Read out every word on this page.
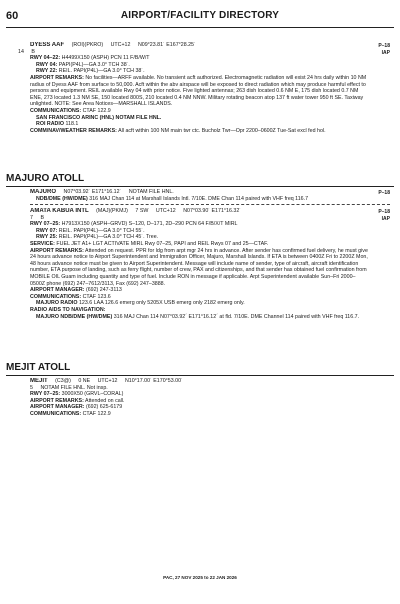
60	AIRPORT/FACILITY DIRECTORY
P–18
IAP
DYESS AAF (ROI)(PKRO) UTC+12 N09°23.81´ E167°28.25´
14 B
RWY 04–22: H4499X150 (ASPH) PCN 11 F/B/W/T
RWY 04: PAPI(P4L)—GA 3.0° TCH 38´.
RWY 22: REIL. PAPI(P4L)—GA 3.0° TCH 38´.
AIRPORT REMARKS: No facilities—ARFF available. No transient acft authorized. Electromagnetic radiation will exist 24 hrs daily within 10 NM radius of Dyess AAF from surface to 50,000. Acft within the abv airspace will be exposed to direct radiation which may produce harmful effect to persons and equipment. REIL available Rwy 04 with prior notice. Five lighted antennas; 263 dish located 0.6 NM E, 175 dish located 0.7 NM ENE, 273 located 1.3 NM SE, 150 located 800S, 210 located 0.4 NM NNW. Military rotating beacon atop 137 ft water tower 950 ft SE. Taxiway unlighted. NOTE: See Area Notices—MARSHALL ISLANDS.
COMMUNICATIONS: CTAF 122.9
SAN FRANCISCO ARINC (HNL) NOTAM FILE HNL.
ROI RADIO 118.1
COMM/NAV/WEATHER REMARKS: All acft within 100 NM main twr ctc. Bucholz Twr—Opr 2200–0600Z Tue-Sat excl fed hol.
MAJURO ATOLL
P–18
MAJURO N07°03.92´ E171°16.12´ NOTAM FILE HNL.
NDB/DME (HW/DME) 316 MAJ Chan 114 at Marshall Islands Intl. 7/10E. DME Chan 114 paired with VHF freq 116.7
P–18
IAP
AMATA KABUA INTL (MAJ)(PKMJ) 7 SW UTC+12 N07°03.90´ E171°16.32´
7 B
RWY 07–25: H7913X150 (ASPH–GRVD) S–120, D–171, 2D–290 PCN 64 F/B/X/T MIRL
RWY 07: REIL. PAPI(P4L)—GA 3.0° TCH 55´.
RWY 25: REIL. PAPI(P4L)—GA 3.0° TCH 45´. Tree.
SERVICE: FUEL JET A1+ LGT ACTIVATE MIRL Rwy 07–25, PAPI and REIL Rwys 07 and 25—CTAF.
AIRPORT REMARKS: Attended on request. PPR for ldg from arpt mgr 24 hrs in advance. After sender has confirmed fuel delivery, he must give 24 hours advance notice to Airport Superintendent and Immigration Officer, Majuro, Marshall Islands. If ETA is between 0400Z Fri to 2200Z Mon, 48 hours advance notice must be given to Airport Superintendent. Message will include name of sender, type of aircraft, aircraft identification number, ETA purpose of landing, such as ferry flight, number of crew, PAX and citizenships, and that sender has obtained fuel confirmation from MOBILE OIL Guam including quantity and type of fuel. Include RON in message if applicable. Arpt Superintendent available Sun–Fri 2000–0500Z phone (692) 247–7612/3113, Fax (692) 247–3888.
AIRPORT MANAGER: (692) 247-3113
COMMUNICATIONS: CTAF 123.6
MAJURO RADIO 123.6 LAA 126.6 emerg only 5205X USB emerg only 2182 emerg only.
RADIO AIDS TO NAVIGATION:
MAJURO NDB/DME (HW/DME) 316 MAJ Chan 114 N07°03.92´ E171°16.12´ at fld. 7/10E. DME Channel 114 paired with VHF freq 116.7.
MEJIT ATOLL
MEJIT (C3@) 0 NE UTC+12 N10°17.00´ E170°53.00´
5 NOTAM FILE HNL. Not insp.
RWY 07–25: 3000X50 (GRVL–CORAL)
AIRPORT REMARKS: Attended on call.
AIRPORT MANAGER: (692) 625-6179
COMMUNICATIONS: CTAF 122.9
PAC, 27 NOV 2025 to 22 JAN 2026
